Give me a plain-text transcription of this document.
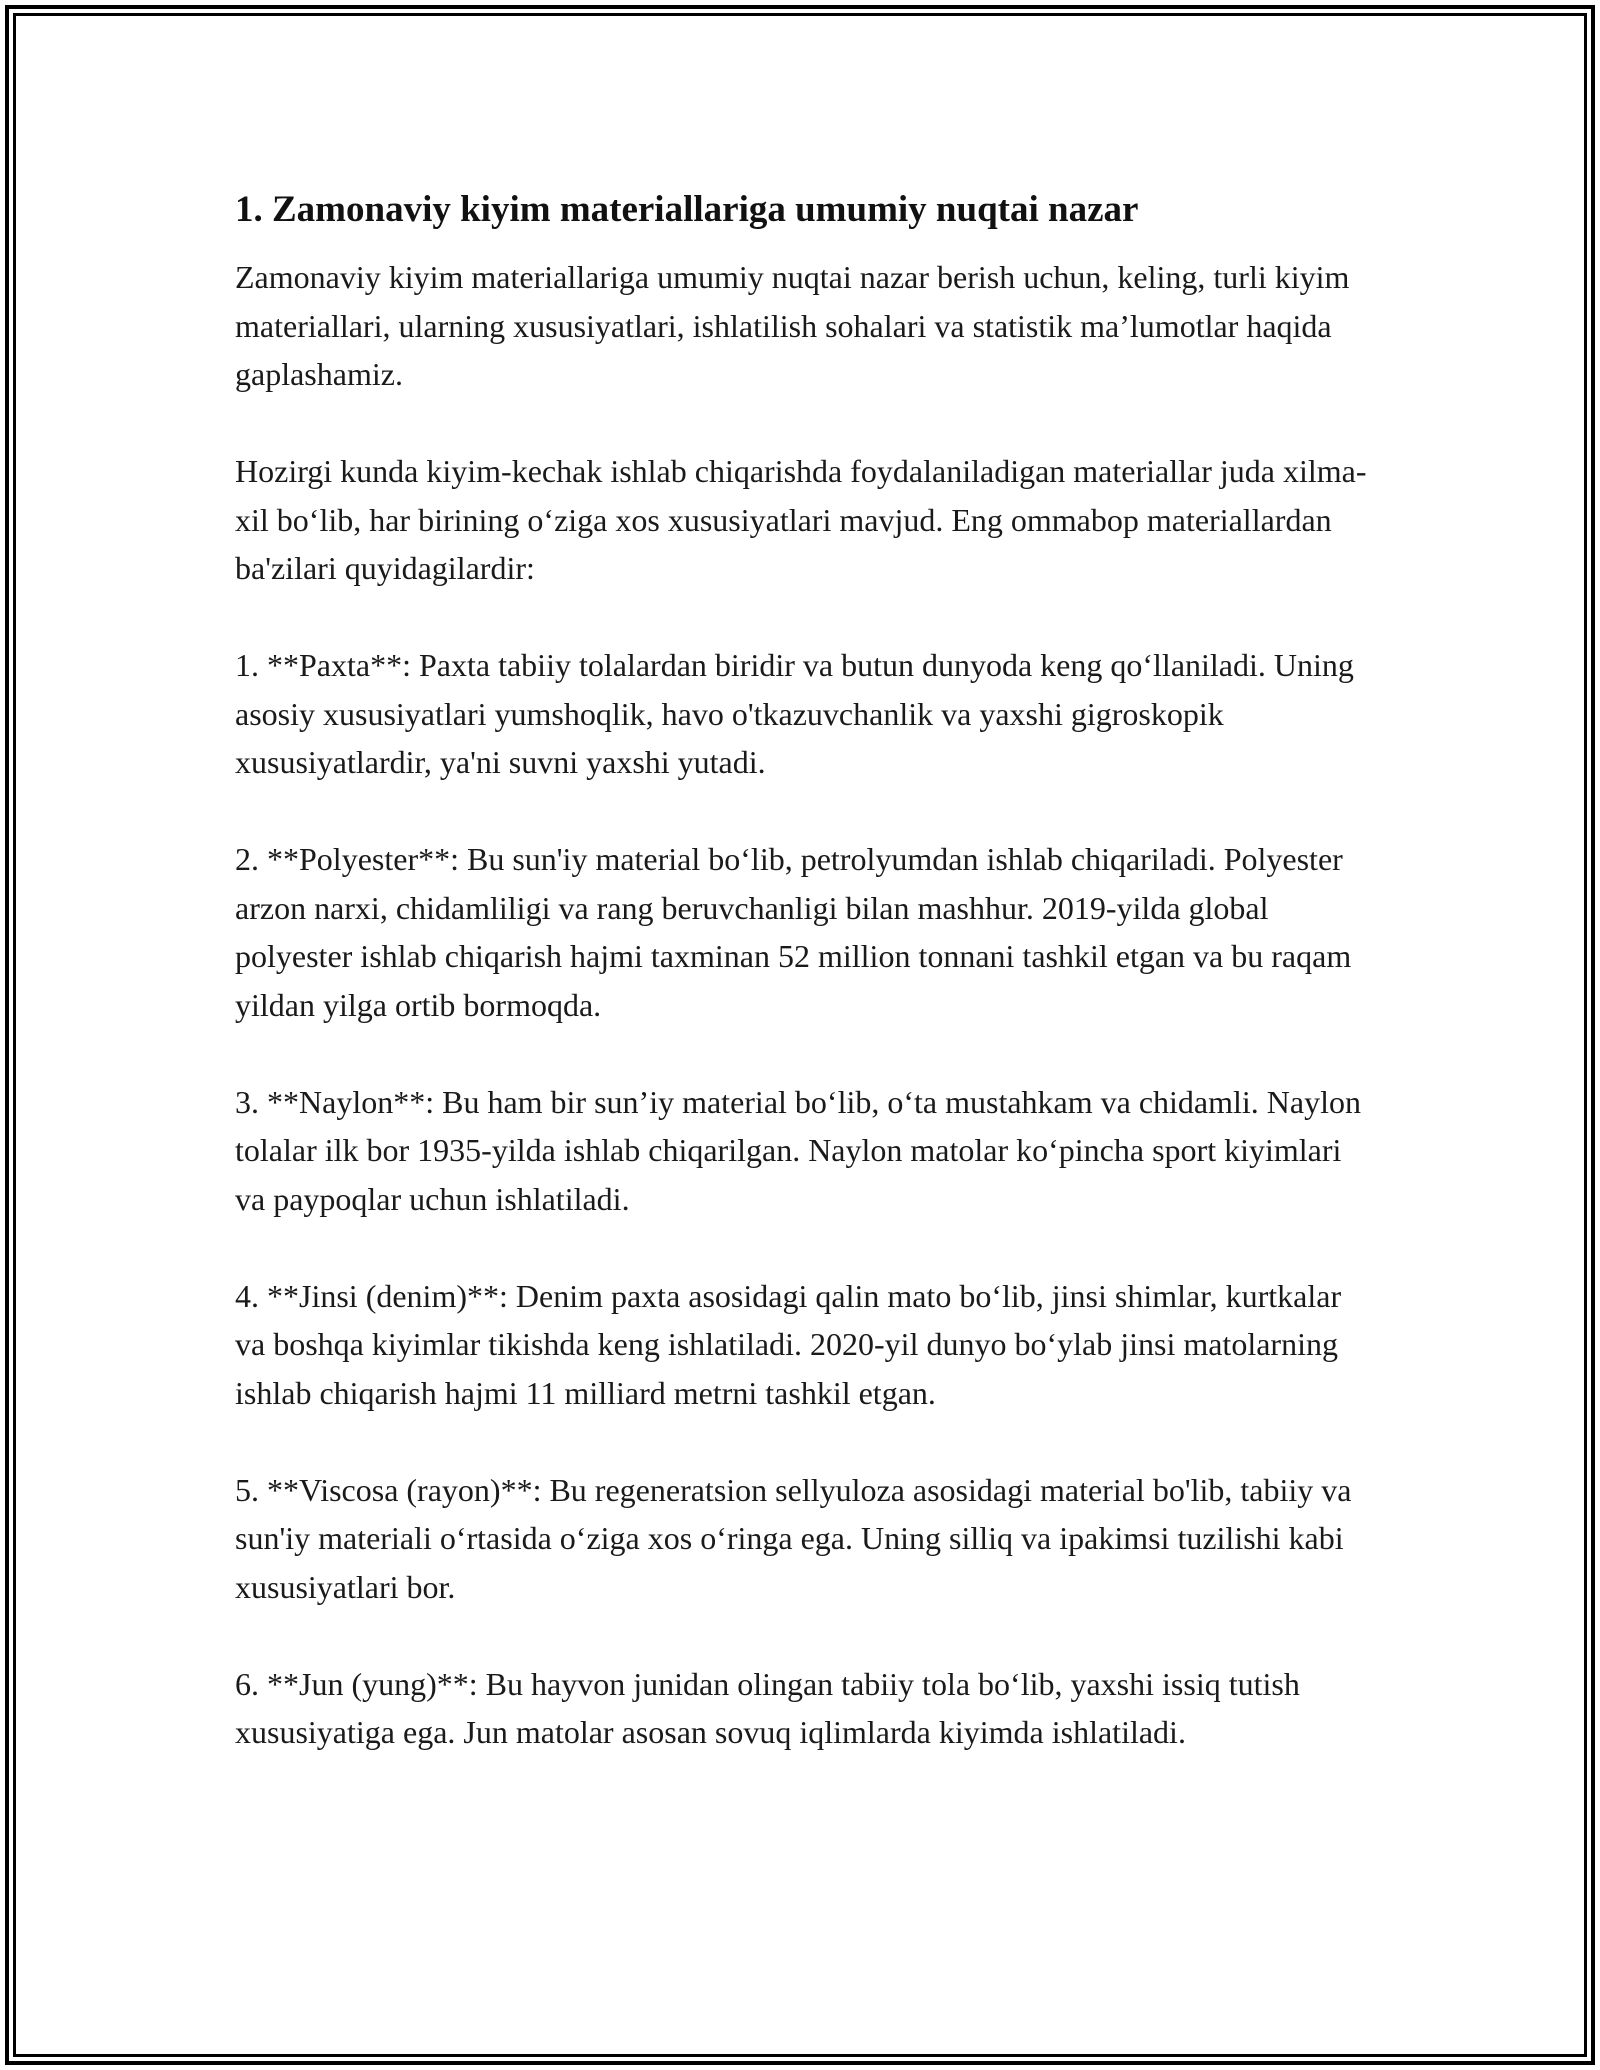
1. Zamonaviy kiyim materiallariga umumiy nuqtai nazar

Zamonaviy kiyim materiallariga umumiy nuqtai nazar berish uchun, keling, turli kiyim materiallari, ularning xususiyatlari, ishlatilish sohalari va statistik ma’lumotlar haqida gaplashamiz.

Hozirgi kunda kiyim-kechak ishlab chiqarishda foydalaniladigan materiallar juda xilma-xil bo‘lib, har birining o‘ziga xos xususiyatlari mavjud. Eng ommabop materiallardan ba'zilari quyidagilardir:

1. **Paxta**: Paxta tabiiy tolalardan biridir va butun dunyoda keng qo‘llaniladi. Uning asosiy xususiyatlari yumshoqlik, havo o'tkazuvchanlik va yaxshi gigroskopik xususiyatlardir, ya'ni suvni yaxshi yutadi.

2. **Polyester**: Bu sun'iy material bo‘lib, petrolyumdan ishlab chiqariladi. Polyester arzon narxi, chidamliligi va rang beruvchanligi bilan mashhur. 2019-yilda global polyester ishlab chiqarish hajmi taxminan 52 million tonnani tashkil etgan va bu raqam yildan yilga ortib bormoqda.

3. **Naylon**: Bu ham bir sun’iy material bo‘lib, o‘ta mustahkam va chidamli. Naylon tolalar ilk bor 1935-yilda ishlab chiqarilgan. Naylon matolar ko‘pincha sport kiyimlari va paypoqlar uchun ishlatiladi.

4. **Jinsi (denim)**: Denim paxta asosidagi qalin mato bo‘lib, jinsi shimlar, kurtkalar va boshqa kiyimlar tikishda keng ishlatiladi. 2020-yil dunyo bo‘ylab jinsi matolarning ishlab chiqarish hajmi 11 milliard metrni tashkil etgan.

5. **Viscosa (rayon)**: Bu regeneratsion sellyuloza asosidagi material bo'lib, tabiiy va sun'iy materiali o‘rtasida o‘ziga xos o‘ringa ega. Uning silliq va ipakimsi tuzilishi kabi xususiyatlari bor.

6. **Jun (yung)**: Bu hayvon junidan olingan tabiiy tola bo‘lib, yaxshi issiq tutish xususiyatiga ega. Jun matolar asosan sovuq iqlimlarda kiyimda ishlatiladi.
